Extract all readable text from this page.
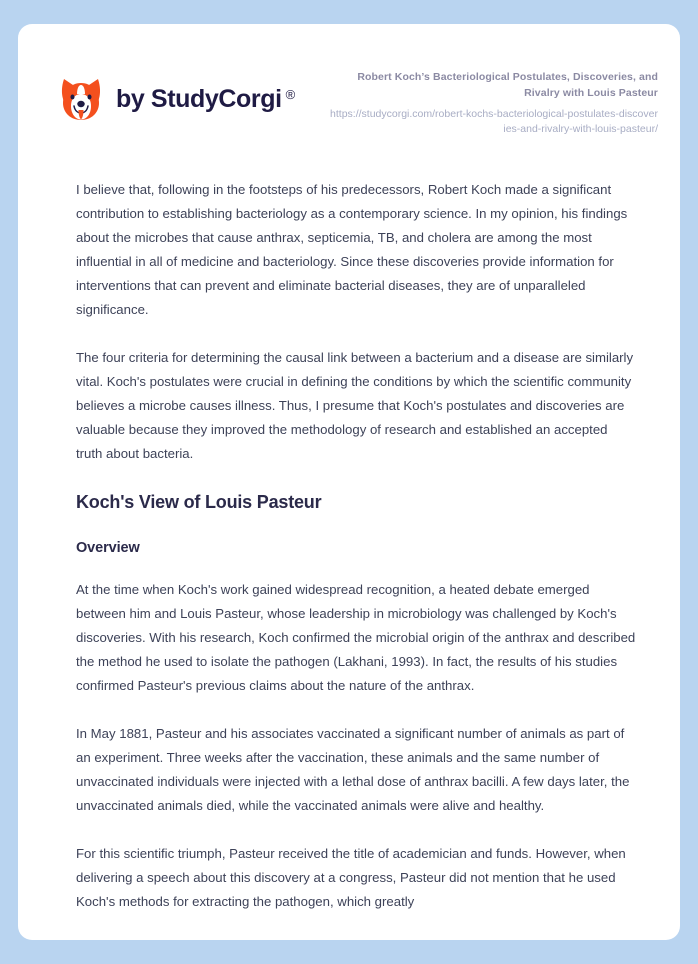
by StudyCorgi ®
Robert Koch’s Bacteriological Postulates, Discoveries, and Rivalry with Louis Pasteur
https://studycorgi.com/robert-kochs-bacteriological-postulates-discoveries-and-rivalry-with-louis-pasteur/

I believe that, following in the footsteps of his predecessors, Robert Koch made a significant contribution to establishing bacteriology as a contemporary science. In my opinion, his findings about the microbes that cause anthrax, septicemia, TB, and cholera are among the most influential in all of medicine and bacteriology. Since these discoveries provide information for interventions that can prevent and eliminate bacterial diseases, they are of unparalleled significance.

The four criteria for determining the causal link between a bacterium and a disease are similarly vital. Koch's postulates were crucial in defining the conditions by which the scientific community believes a microbe causes illness. Thus, I presume that Koch's postulates and discoveries are valuable because they improved the methodology of research and established an accepted truth about bacteria.

Koch's View of Louis Pasteur
Overview

At the time when Koch's work gained widespread recognition, a heated debate emerged between him and Louis Pasteur, whose leadership in microbiology was challenged by Koch's discoveries. With his research, Koch confirmed the microbial origin of the anthrax and described the method he used to isolate the pathogen (Lakhani, 1993). In fact, the results of his studies confirmed Pasteur's previous claims about the nature of the anthrax.

In May 1881, Pasteur and his associates vaccinated a significant number of animals as part of an experiment. Three weeks after the vaccination, these animals and the same number of unvaccinated individuals were injected with a lethal dose of anthrax bacilli. A few days later, the unvaccinated animals died, while the vaccinated animals were alive and healthy.

For this scientific triumph, Pasteur received the title of academician and funds. However, when delivering a speech about this discovery at a congress, Pasteur did not mention that he used Koch's methods for extracting the pathogen, which greatly
